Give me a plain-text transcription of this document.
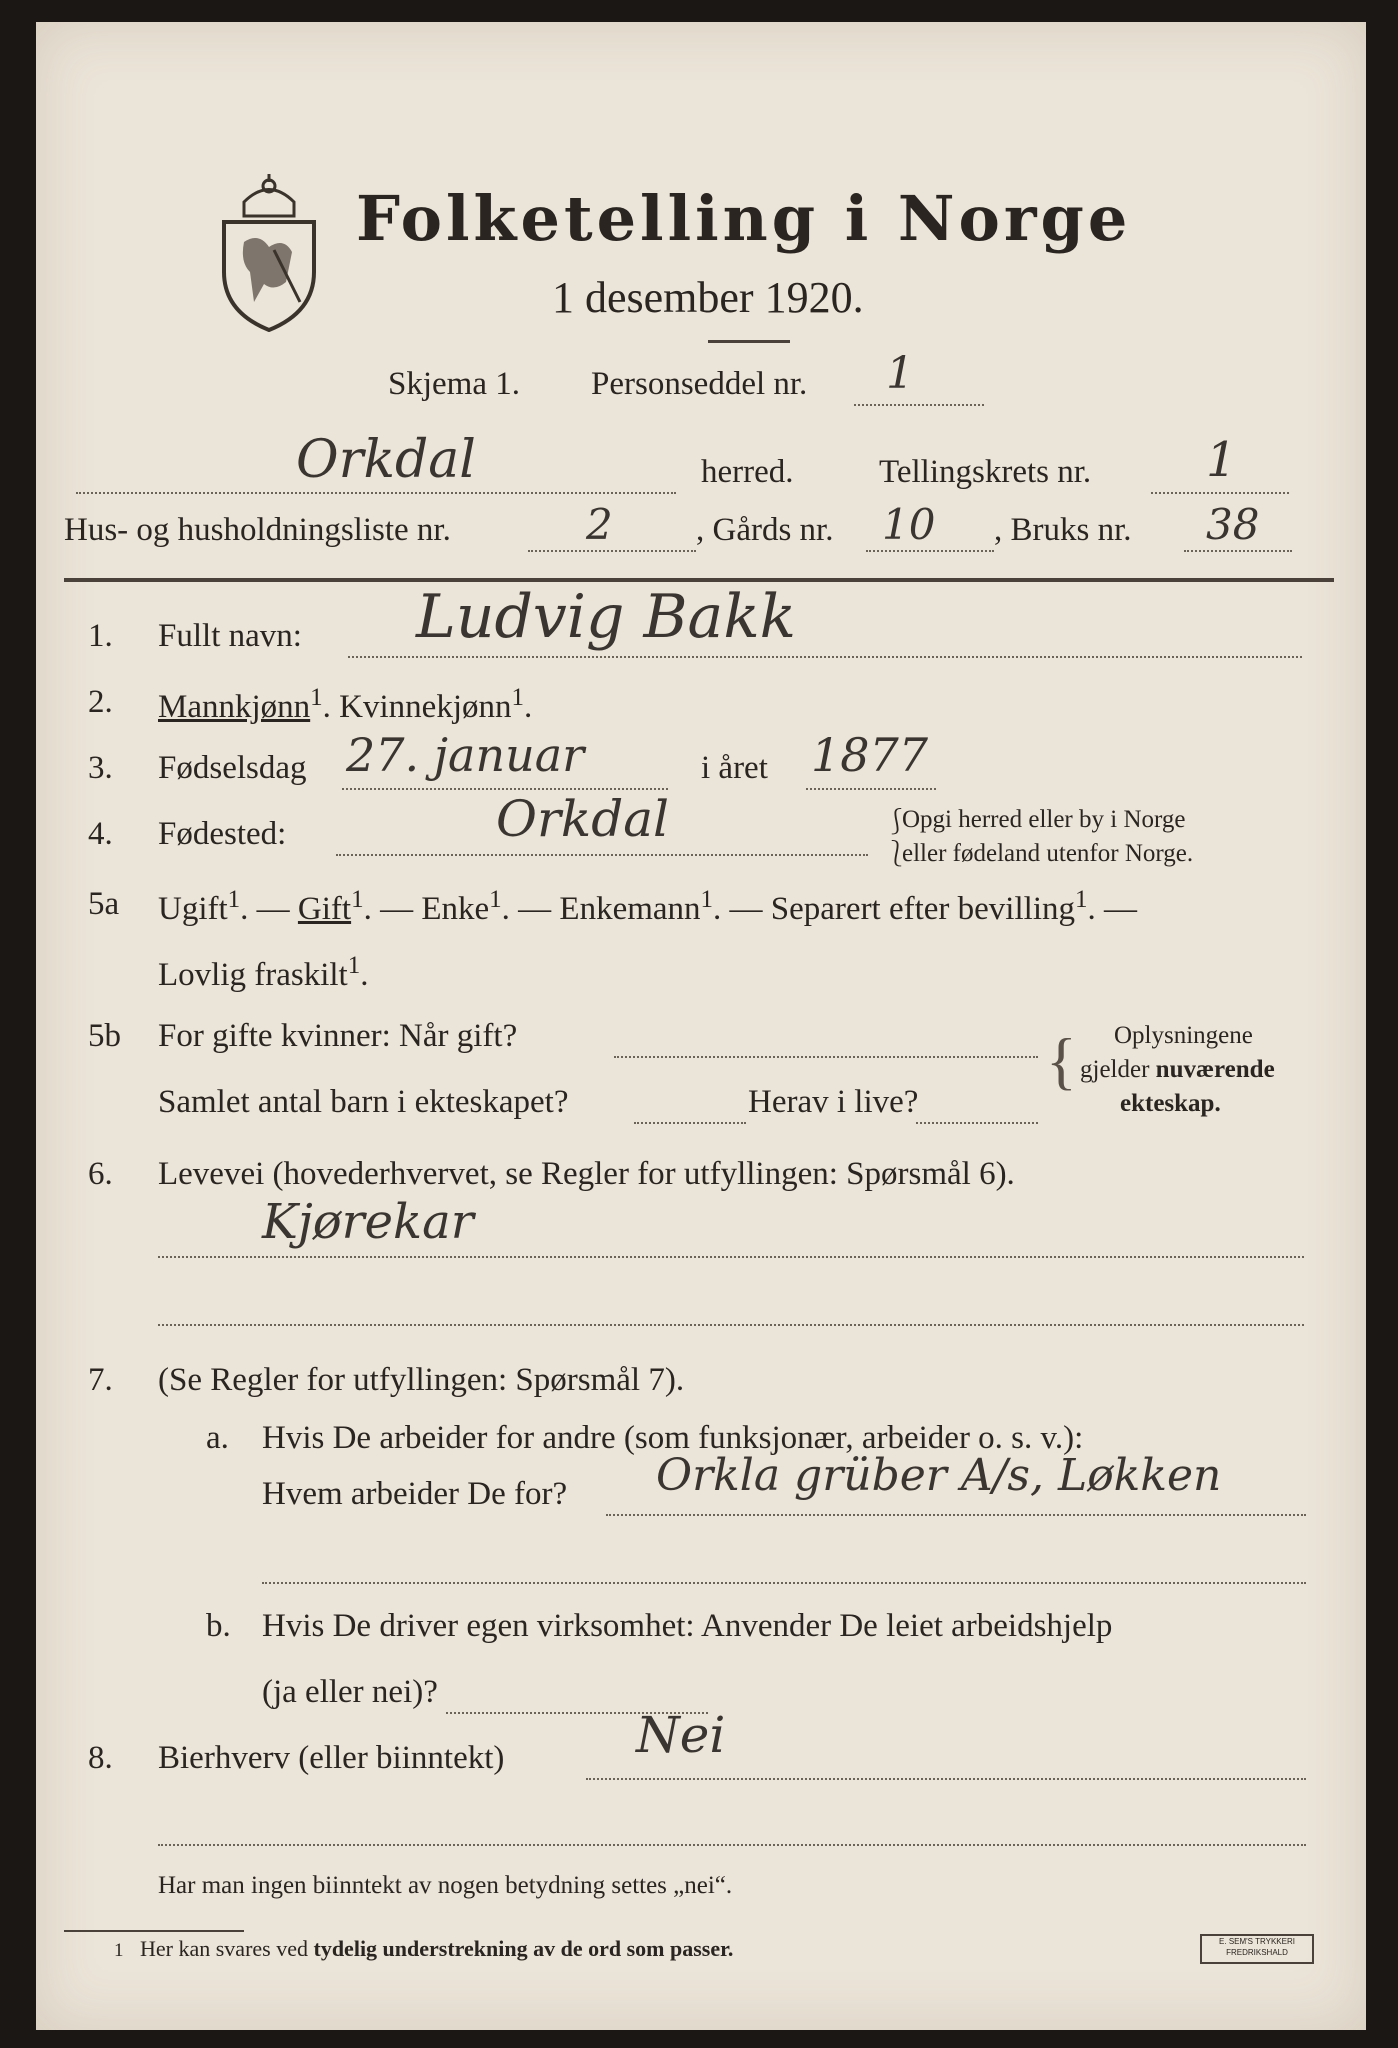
Folketelling i Norge
1 desember 1920.
Skjema 1. Personseddel nr. 1
Orkdal	herred.	Tellingskrets nr. 1
Hus- og husholdningsliste nr.	2	, Gårds nr. 10 , Bruks nr. 38
1. Fullt navn: Ludvig Bakk
2. Mannkjønn$^1$. Kvinnekjønn$^1$.
3. Fødselsdag 27. januar	i året 1877
4. Fødested:	Orkdal	⎰
⎱
Opgi herred eller by i Norge
eller fødeland utenfor Norge.
5a Ugift$^1$. — Gift$^1$. — Enke$^1$. — Enkemann$^1$. — Separert efter bevilling$^1$. —
Lovlig fraskilt$^1$.
5b For gifte kvinner: Når gift?
Samlet antal barn i ekteskapet?	Herav i live?
{ Oplysningene
gjelder nuværende
ekteskap.
6. Levevei (hovederhvervet, se Regler for utfyllingen: Spørsmål 6).
Kjørekar
7. (Se Regler for utfyllingen: Spørsmål 7).
a. Hvis De arbeider for andre (som funksjonær, arbeider o. s. v.):
Hvem arbeider De for? Orkla grüber A/s, Løkken
b. Hvis De driver egen virksomhet: Anvender De leiet arbeidshjelp
(ja eller nei)?
8. Bierhverv (eller biinntekt)	Nei
Har man ingen biinntekt av nogen betydning settes „nei“.
1 Her kan svares ved tydelig understrekning av de ord som passer.	E. SEM'S TRYKKERI FREDRIKSHALD
